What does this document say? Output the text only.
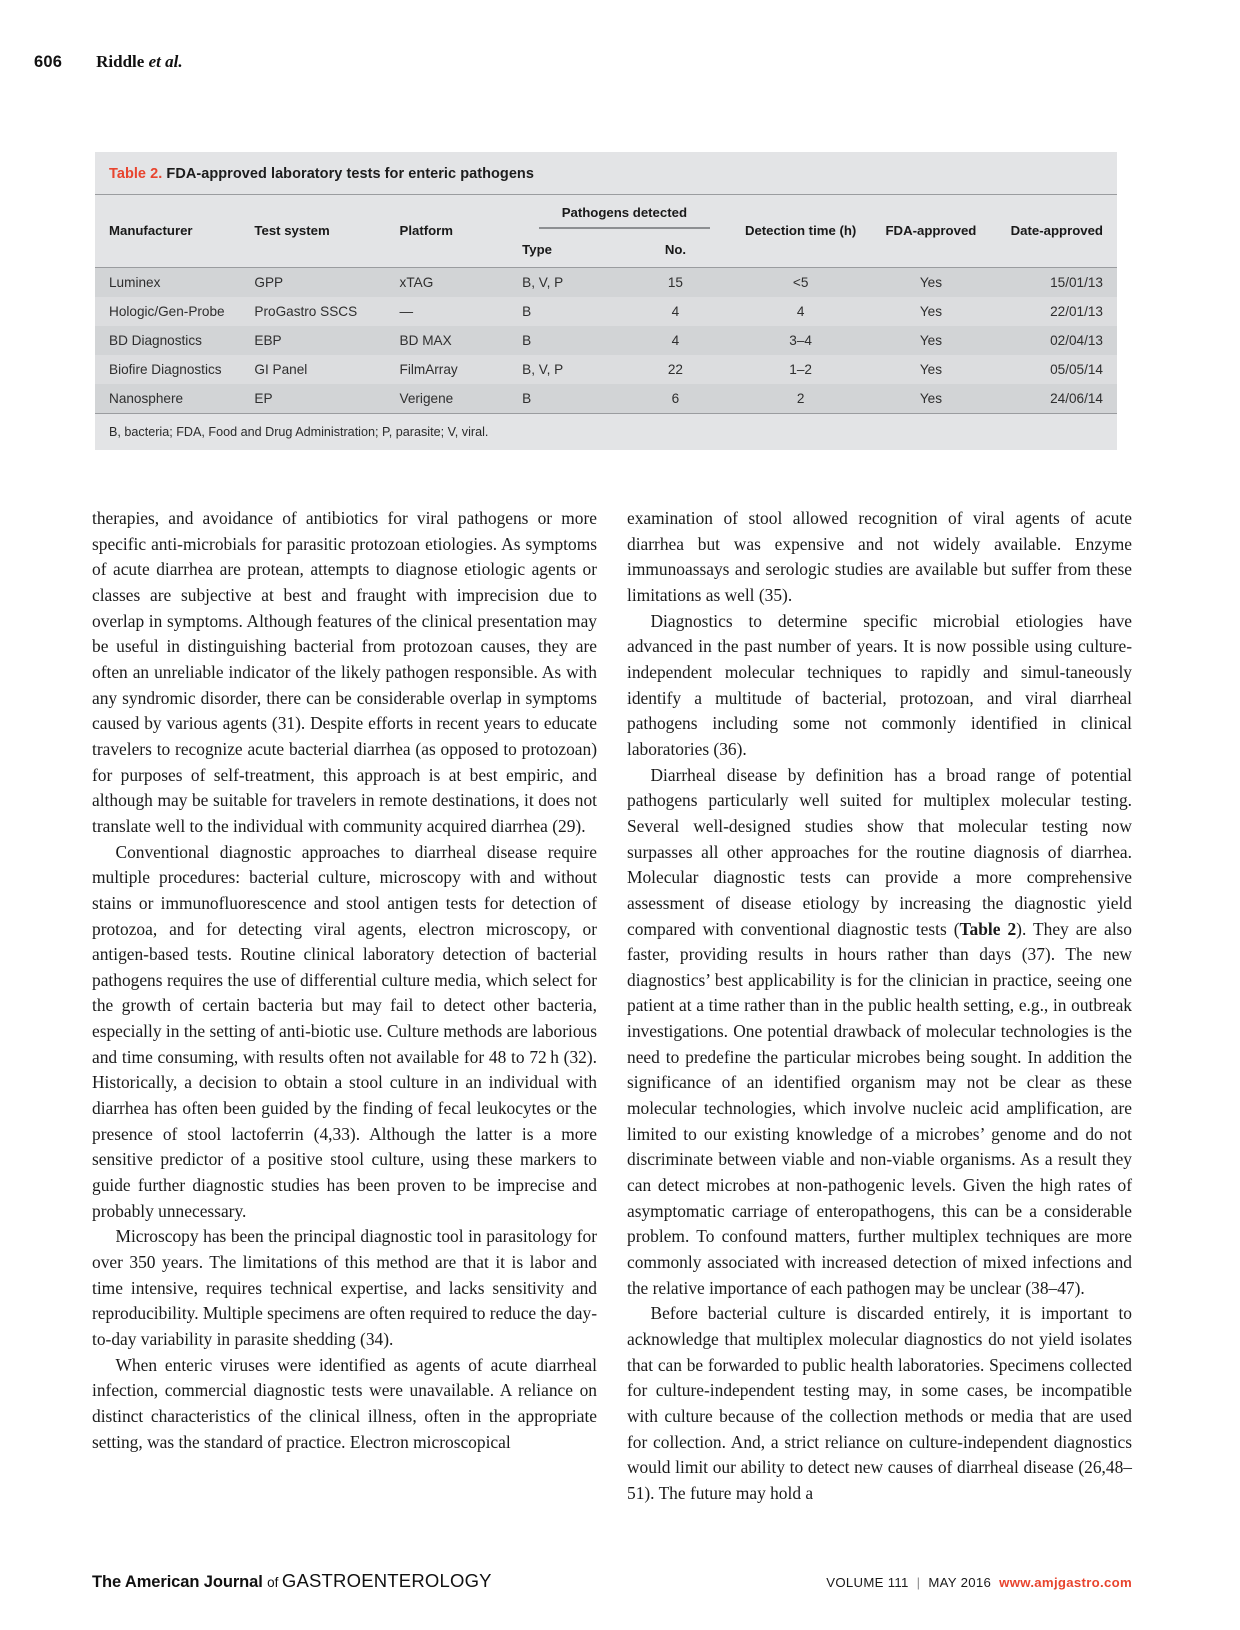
606 Riddle et al.
Table 2. FDA-approved laboratory tests for enteric pathogens
Manufacturer	Test system	Platform	Pathogens detected		Detection time (h)	FDA-approved	Date-approved
			Type	No.			
Luminex	GPP	xTAG	B, V, P	15	<5	Yes	15/01/13
Hologic/Gen-Probe	ProGastro SSCS	—	B	4	4	Yes	22/01/13
BD Diagnostics	EBP	BD MAX	B	4	3–4	Yes	02/04/13
Biofire Diagnostics	GI Panel	FilmArray	B, V, P	22	1–2	Yes	05/05/14
Nanosphere	EP	Verigene	B	6	2	Yes	24/06/14
B, bacteria; FDA, Food and Drug Administration; P, parasite; V, viral.							

therapies, and avoidance of antibiotics for viral pathogens or more specific anti-microbials for parasitic protozoan etiologies. As symptoms of acute diarrhea are protean, attempts to diagnose etiologic agents or classes are subjective at best and fraught with imprecision due to overlap in symptoms. Although features of the clinical presentation may be useful in distinguishing bacterial from protozoan causes, they are often an unreliable indicator of the likely pathogen responsible. As with any syndromic disorder, there can be considerable overlap in symptoms caused by various agents (31). Despite efforts in recent years to educate travelers to recognize acute bacterial diarrhea (as opposed to protozoan) for purposes of self-treatment, this approach is at best empiric, and although may be suitable for travelers in remote destinations, it does not translate well to the individual with community acquired diarrhea (29).

Conventional diagnostic approaches to diarrheal disease require multiple procedures: bacterial culture, microscopy with and without stains or immunofluorescence and stool antigen tests for detection of protozoa, and for detecting viral agents, electron microscopy, or antigen-based tests. Routine clinical laboratory detection of bacterial pathogens requires the use of differential culture media, which select for the growth of certain bacteria but may fail to detect other bacteria, especially in the setting of anti-biotic use. Culture methods are laborious and time consuming, with results often not available for 48 to 72 h (32). Historically, a decision to obtain a stool culture in an individual with diarrhea has often been guided by the finding of fecal leukocytes or the presence of stool lactoferrin (4,33). Although the latter is a more sensitive predictor of a positive stool culture, using these markers to guide further diagnostic studies has been proven to be imprecise and probably unnecessary.

Microscopy has been the principal diagnostic tool in parasitology for over 350 years. The limitations of this method are that it is labor and time intensive, requires technical expertise, and lacks sensitivity and reproducibility. Multiple specimens are often required to reduce the day-to-day variability in parasite shedding (34).

When enteric viruses were identified as agents of acute diarrheal infection, commercial diagnostic tests were unavailable. A reliance on distinct characteristics of the clinical illness, often in the appropriate setting, was the standard of practice. Electron microscopical

examination of stool allowed recognition of viral agents of acute diarrhea but was expensive and not widely available. Enzyme immunoassays and serologic studies are available but suffer from these limitations as well (35).

Diagnostics to determine specific microbial etiologies have advanced in the past number of years. It is now possible using culture-independent molecular techniques to rapidly and simul-taneously identify a multitude of bacterial, protozoan, and viral diarrheal pathogens including some not commonly identified in clinical laboratories (36).

Diarrheal disease by definition has a broad range of potential pathogens particularly well suited for multiplex molecular testing. Several well-designed studies show that molecular testing now surpasses all other approaches for the routine diagnosis of diarrhea. Molecular diagnostic tests can provide a more comprehensive assessment of disease etiology by increasing the diagnostic yield compared with conventional diagnostic tests (Table 2). They are also faster, providing results in hours rather than days (37). The new diagnostics’ best applicability is for the clinician in practice, seeing one patient at a time rather than in the public health setting, e.g., in outbreak investigations. One potential drawback of molecular technologies is the need to predefine the particular microbes being sought. In addition the significance of an identified organism may not be clear as these molecular technologies, which involve nucleic acid amplification, are limited to our existing knowledge of a microbes’ genome and do not discriminate between viable and non-viable organisms. As a result they can detect microbes at non-pathogenic levels. Given the high rates of asymptomatic carriage of enteropathogens, this can be a considerable problem. To confound matters, further multiplex techniques are more commonly associated with increased detection of mixed infections and the relative importance of each pathogen may be unclear (38–47).

Before bacterial culture is discarded entirely, it is important to acknowledge that multiplex molecular diagnostics do not yield isolates that can be forwarded to public health laboratories. Specimens collected for culture-independent testing may, in some cases, be incompatible with culture because of the collection methods or media that are used for collection. And, a strict reliance on culture-independent diagnostics would limit our ability to detect new causes of diarrheal disease (26,48–51). The future may hold a

The American Journal of GASTROENTEROLOGY	VOLUME 111 | MAY 2016 www.amjgastro.com
